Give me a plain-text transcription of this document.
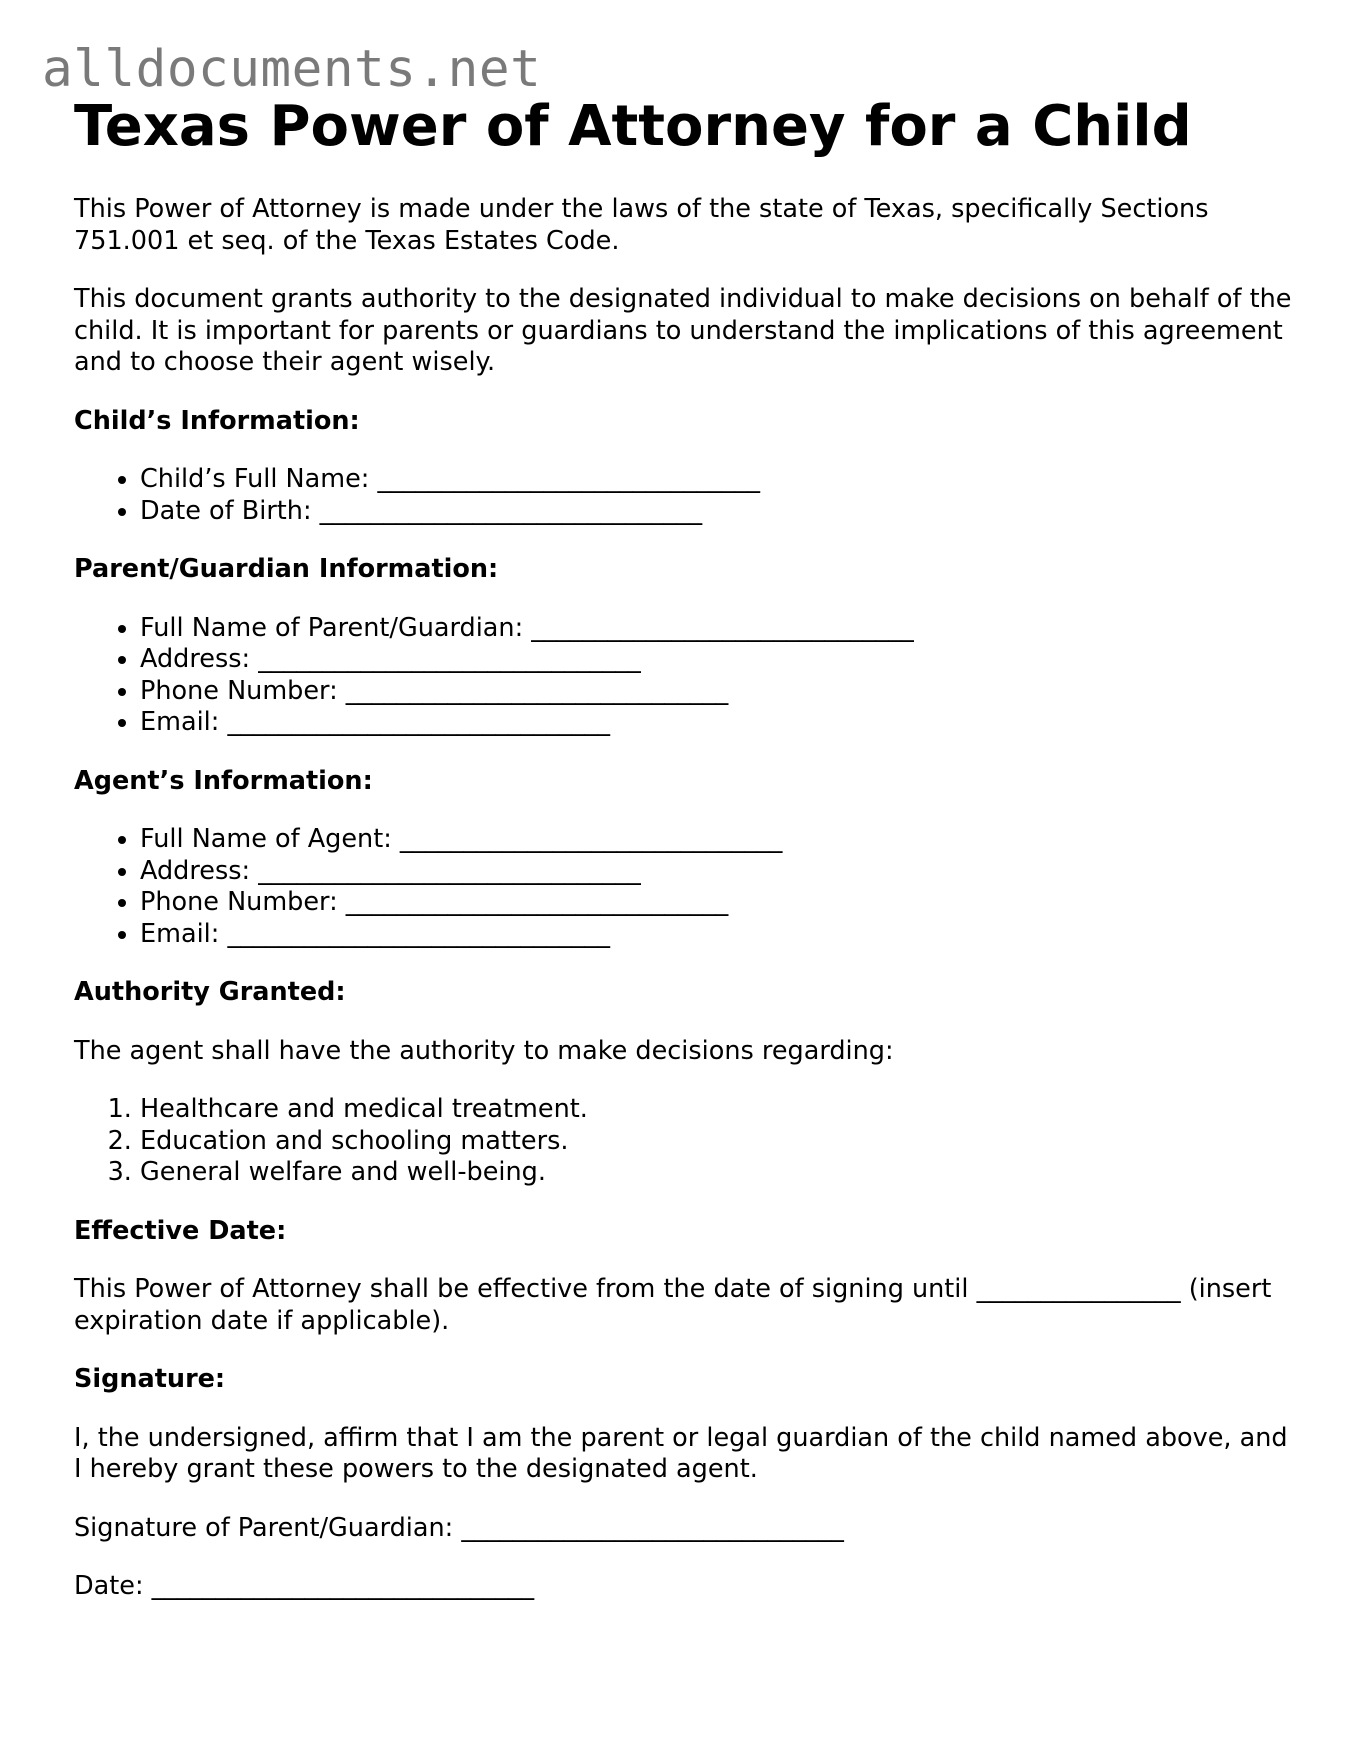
alldocuments.net
Texas Power of Attorney for a Child

This Power of Attorney is made under the laws of the state of Texas, specifically Sections 751.001 et seq. of the Texas Estates Code.

This document grants authority to the designated individual to make decisions on behalf of the child. It is important for parents or guardians to understand the implications of this agreement and to choose their agent wisely.

Child’s Information:
• Child’s Full Name: ______________________________
• Date of Birth: ______________________________
Parent/Guardian Information:
• Full Name of Parent/Guardian: ______________________________
• Address: ______________________________
• Phone Number: ______________________________
• Email: ______________________________
Agent’s Information:
• Full Name of Agent: ______________________________
• Address: ______________________________
• Phone Number: ______________________________
• Email: ______________________________
Authority Granted:

The agent shall have the authority to make decisions regarding:

1. Healthcare and medical treatment.
2. Education and schooling matters.
3. General welfare and well-being.
Effective Date:

This Power of Attorney shall be effective from the date of signing until ________________ (insert expiration date if applicable).

Signature:

I, the undersigned, affirm that I am the parent or legal guardian of the child named above, and I hereby grant these powers to the designated agent.

Signature of Parent/Guardian: ______________________________

Date: ______________________________
